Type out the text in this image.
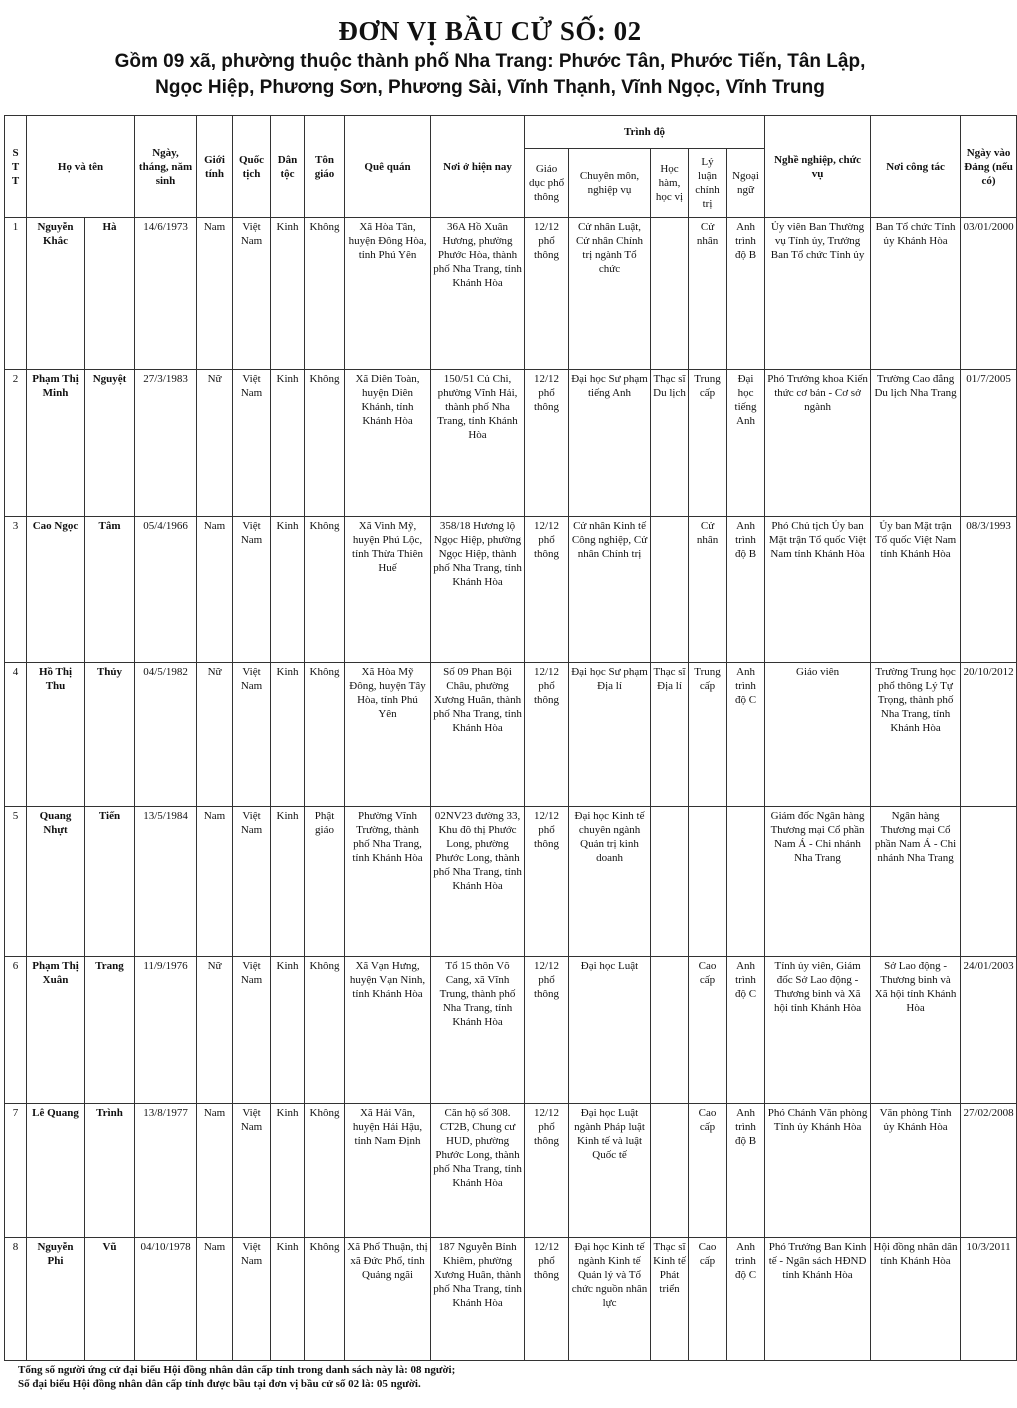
ĐƠN VỊ BẦU CỬ SỐ: 02
Gồm 09 xã, phường thuộc thành phố Nha Trang: Phước Tân, Phước Tiến, Tân Lập,
Ngọc Hiệp, Phương Sơn, Phương Sài, Vĩnh Thạnh, Vĩnh Ngọc, Vĩnh Trung
S
T
T	Họ và tên		Ngày, tháng, năm sinh	Giới tính	Quốc tịch	Dân tộc	Tôn giáo	Quê quán	Nơi ở hiện nay	Trình độ					Nghề nghiệp, chức vụ	Nơi công tác	Ngày vào Đảng (nếu có)
										Giáo dục phổ thông	Chuyên môn, nghiệp vụ	Học hàm, học vị	Lý luận chính trị	Ngoại ngữ			
1	Nguyễn Khắc	Hà	14/6/1973	Nam	Việt Nam	Kinh	Không	Xã Hòa Tân, huyện Đông Hòa, tỉnh Phú Yên	36A Hồ Xuân Hương, phường Phước Hòa, thành phố Nha Trang, tỉnh Khánh Hòa	12/12 phổ thông	Cử nhân Luật, Cử nhân Chính trị ngành Tổ chức		Cử nhân	Anh trình độ B	Ủy viên Ban Thường vụ Tỉnh ủy, Trưởng Ban Tổ chức Tỉnh ủy	Ban Tổ chức Tỉnh ủy Khánh Hòa	03/01/2000
2	Phạm Thị Minh	Nguyệt	27/3/1983	Nữ	Việt Nam	Kinh	Không	Xã Diên Toàn, huyện Diên Khánh, tỉnh Khánh Hòa	150/51 Củ Chi, phường Vĩnh Hải, thành phố Nha Trang, tỉnh Khánh Hòa	12/12 phổ thông	Đại học Sư phạm tiếng Anh	Thạc sĩ Du lịch	Trung cấp	Đại học tiếng Anh	Phó Trưởng khoa Kiến thức cơ bản - Cơ sở ngành	Trường Cao đẳng Du lịch Nha Trang	01/7/2005
3	Cao Ngọc	Tâm	05/4/1966	Nam	Việt Nam	Kinh	Không	Xã Vinh Mỹ, huyện Phú Lộc, tỉnh Thừa Thiên Huế	358/18 Hương lộ Ngọc Hiệp, phường Ngọc Hiệp, thành phố Nha Trang, tỉnh Khánh Hòa	12/12 phổ thông	Cử nhân Kinh tế Công nghiệp, Cử nhân Chính trị		Cử nhân	Anh trình độ B	Phó Chủ tịch Ủy ban Mặt trận Tổ quốc Việt Nam tỉnh Khánh Hòa	Ủy ban Mặt trận Tổ quốc Việt Nam tỉnh Khánh Hòa	08/3/1993
4	Hồ Thị Thu	Thủy	04/5/1982	Nữ	Việt Nam	Kinh	Không	Xã Hòa Mỹ Đông, huyện Tây Hòa, tỉnh Phú Yên	Số 09 Phan Bội Châu, phường Xương Huân, thành phố Nha Trang, tỉnh Khánh Hòa	12/12 phổ thông	Đại học Sư phạm Địa lí	Thạc sĩ Địa lí	Trung cấp	Anh trình độ C	Giáo viên	Trường Trung học phổ thông Lý Tự Trọng, thành phố Nha Trang, tỉnh Khánh Hòa	20/10/2012
5	Quang Nhựt	Tiến	13/5/1984	Nam	Việt Nam	Kinh	Phật giáo	Phường Vĩnh Trường, thành phố Nha Trang, tỉnh Khánh Hòa	02NV23 đường 33, Khu đô thị Phước Long, phường Phước Long, thành phố Nha Trang, tỉnh Khánh Hòa	12/12 phổ thông	Đại học Kinh tế chuyên ngành Quản trị kinh doanh				Giám đốc Ngân hàng Thương mại Cổ phần Nam Á - Chi nhánh Nha Trang	Ngân hàng Thương mại Cổ phần Nam Á - Chi nhánh Nha Trang	
6	Phạm Thị Xuân	Trang	11/9/1976	Nữ	Việt Nam	Kinh	Không	Xã Vạn Hưng, huyện Vạn Ninh, tỉnh Khánh Hòa	Tổ 15 thôn Võ Cang, xã Vĩnh Trung, thành phố Nha Trang, tỉnh Khánh Hòa	12/12 phổ thông	Đại học Luật		Cao cấp	Anh trình độ C	Tỉnh ủy viên, Giám đốc Sở Lao động - Thương binh và Xã hội tỉnh Khánh Hòa	Sở Lao động - Thương binh và Xã hội tỉnh Khánh Hòa	24/01/2003
7	Lê Quang	Trình	13/8/1977	Nam	Việt Nam	Kinh	Không	Xã Hải Vân, huyện Hải Hậu, tỉnh Nam Định	Căn hộ số 308. CT2B, Chung cư HUD, phường Phước Long, thành phố Nha Trang, tỉnh Khánh Hòa	12/12 phổ thông	Đại học Luật ngành Pháp luật Kinh tế và luật Quốc tế		Cao cấp	Anh trình độ B	Phó Chánh Văn phòng Tỉnh ủy Khánh Hòa	Văn phòng Tỉnh ủy Khánh Hòa	27/02/2008
8	Nguyễn Phi	Vũ	04/10/1978	Nam	Việt Nam	Kinh	Không	Xã Phổ Thuận, thị xã Đức Phổ, tỉnh Quảng ngãi	187 Nguyễn Bỉnh Khiêm, phường Xương Huân, thành phố Nha Trang, tỉnh Khánh Hòa	12/12 phổ thông	Đại học Kinh tế ngành Kinh tế Quản lý và Tổ chức nguồn nhân lực	Thạc sĩ Kinh tế Phát triển	Cao cấp	Anh trình độ C	Phó Trưởng Ban Kinh tế - Ngân sách HĐND tỉnh Khánh Hòa	Hội đồng nhân dân tỉnh Khánh Hòa	10/3/2011
Tổng số người ứng cử đại biểu Hội đồng nhân dân cấp tỉnh trong danh sách này là: 08 người;
Số đại biểu Hội đồng nhân dân cấp tỉnh được bầu tại đơn vị bầu cử số 02 là: 05 người.
